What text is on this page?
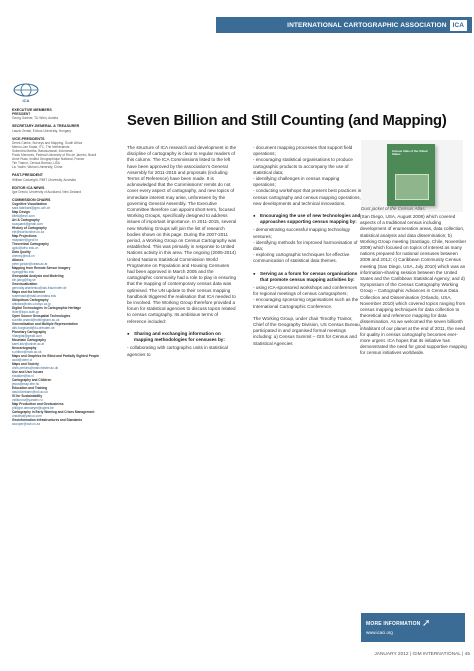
INTERNATIONAL CARTOGRAPHIC ASSOCIATION ICA
ICA
EXECUTIVE MEMBERS
PRESIDENT
Georg Gartner, TU Wien, Austria
SECRETARY-GENERAL & TREASURER
Laszlo Zentai, Eotvos University, Hungary
VICE-PRESIDENTS
Derek Clarke, Surveys and Mapping, South Africa
Menno-Jan Kraak, ITC, The Netherlands
Sukendra Martha, Bakosurtanal, Indonesia
Paulo Menezes, Federal University of Rio de Janeiro, Brazil
Anne Ruas, Institut Geographique National, France
Tim Trainor, Census Bureau, USA
Liu Yaolin, Wuhan University, China
PAST-PRESIDENT
William Cartwright, RMIT University, Australia
EDITOR ICA NEWS
Igor Drecki, University of Auckland, New Zealand
COMMISSION CHAIRS
Cognitive Visualization
sara.fabrikant@geo.uzh.ch
Map Design
kfield@esri.com
Art & Cartography
scaquard@gmail.com
History of Cartography
elri@worldonline.co.za
Map Projections
mlapaine@geof.hr
Theoretical Cartography
qydu@whu.edu.cn
Data Quality
chenxy@ecit.cn
Atlases
peter.jordan@oeaw.ac.at
Mapping from Remote Sensor Imagery
xyang@fsu.edu
Geospatial Analysis and Modeling
bin.jiang@hig.se
Geovisualization
gennady.andrienko@iais.fraunhofer.de
Maps and the Internet
rcammack@mail.unomaha.edu
Ubiquitous Cartography
arikawa@csis.u-tokyo.ac.jp
Digital Technologies in Cartographic Heritage
livier@topo.auth.gr
Open Source Geospatial Technologies
suchith.anand@nottingham.ac.uk
Generalisation and Multiple Representation
dirk.burghardt@tu-dresden.de
Planetary Cartography
hhargitai@gmail.com
Mountain Cartography
karel.kriz@univie.ac.at
Neocartography
s.chilton@mdx.ac.uk
Maps and Graphics for Blind and Partially Sighted People
acoll@utem.cl
Maps and Society
chris.perkins@manchester.ac.uk
Use and User Issues
elzakker@itc.nl
Cartography and Children
jesus@map.elte.hu
Education and Training
david.fairbairn@ncl.ac.uk
GI for Sustainability
vstikunov@yandex.ru
Map Production and Geobusiness
philippe.demaeyer@ugent.be
Cartography in Early Warning and Crises Management
undatra@yahoo.com
Geoinformation Infrastructures and Standards
acooper@csir.co.za
Seven Billion and Still Counting (and Mapping)

The structure of ICA research and development in the discipline of cartography is clear to regular readers of this column. The ICA Commissions listed to the left have been approved by the association's General Assembly for 2011-2015 and proposals (including Terms of Reference) have been made. It is acknowledged that the Commissions' remits do not cover every aspect of cartography, and new topics of immediate interest may arise, unforeseen by the governing General Assembly. The Executive Committee therefore can appoint short-term, focused Working Groups, specifically designed to address issues of important importance. In 2011-2015, several new Working Groups will join the list of research bodies shown on this page. During the 2007-2011 period, a Working Group on Census Cartography was established. This was primarily in response to United Nations activity in this area. The ongoing (2005-2014) United Nations Statistical Commission World Programme on Population and Housing Censuses had been approved in March 2005 and the cartographic community had a role to play in ensuring that the mapping of contemporary census data was optimised. The UN update to their census mapping handbook triggered the realisation that ICA needed to be involved. The Working Group therefore provided a forum for statistical agencies to discuss topics related to census cartography. Its ambitious terms of reference included:

● Sharing and exchanging information on mapping methodologies for censuses by:
- collaborating with cartographic units in statistical agencies to
- document mapping processes that support field operations;
- encouraging statistical organisations to produce cartographic products to accompany the use of statistical data;
- identifying challenges in census mapping operations;
- conducting workshops that present best practices in census cartography and census mapping operations, new developments and technical innovations.
● Encouraging the use of new technologies and approaches supporting census mapping by:
- demonstrating successful mapping technology ventures;
- identifying methods for improved harmonisation of data;
- exploring cartographic techniques for effective communication of statistical data themes.
● Serving as a forum for census organisations that promote census mapping activities by:
- using ICA-sponsored workshops and conferences for regional meetings of census cartographers;
- encouraging sponsoring organisations such as the International Cartographic Conference.

The Working Group, under chair Timothy Trainor, Chief of the Geography Division, US Census Bureau, participated in and organised formal meetings including: a) Census Summit – GIS for Census and Statistical Agencies

Census Atlas of the United States
Dust jacket of the Census Atlas.

(San Diego, USA, August 2008) which covered aspects of a traditional census including development of enumeration areas, data collection, statistical analysis and data dissemination; b) Working Group meeting (Santiago, Chile, November 2009) which focused on topics of interest as many nations prepared for national censuses between 2009 and 2012; c) Caribbean Community Census meeting (San Diego, USA, July 2010) which was an information-sharing session between the United States and the Caribbean Statistical Agency; and d) Symposium of the Census Cartography Working Group – Cartographic Advances in Census Data Collection and Dissemination (Orlando, USA, November 2010) which covered topics ranging from census mapping techniques for data collection to theoretical and reference mapping for data dissemination. As we welcomed the seven billionth inhabitant of our planet at the end of 2011, the need for quality in census cartography becomes ever-more urgent. ICA hopes that its initiative has demonstrated the need for good supportive mapping for census initiatives worldwide.

MORE INFORMATION ➚
www.icaci.org
JANUARY 2012 | GIM INTERNATIONAL | 45
